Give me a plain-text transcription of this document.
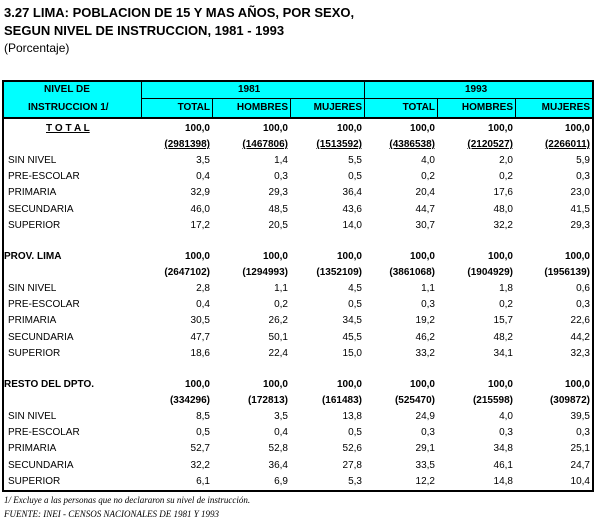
3.27 LIMA: POBLACION DE 15 Y MAS AÑOS, POR SEXO,
SEGUN NIVEL DE INSTRUCCION, 1981 - 1993
(Porcentaje)
NIVEL DE
INSTRUCCION 1/
1981	1993
TOTAL	HOMBRES	MUJERES	TOTAL	HOMBRES	MUJERES
T O T A L	100,0	100,0	100,0	100,0	100,0	100,0
(2981398)	(1467806)	(1513592)	(4386538)	(2120527)	(2266011)
SIN NIVEL	3,5	1,4	5,5	4,0	2,0	5,9
PRE-ESCOLAR	0,4	0,3	0,5	0,2	0,2	0,3
PRIMARIA	32,9	29,3	36,4	20,4	17,6	23,0
SECUNDARIA	46,0	48,5	43,6	44,7	48,0	41,5
SUPERIOR	17,2	20,5	14,0	30,7	32,2	29,3
PROV. LIMA	100,0	100,0	100,0	100,0	100,0	100,0
(2647102)	(1294993)	(1352109)	(3861068)	(1904929)	(1956139)
SIN NIVEL	2,8	1,1	4,5	1,1	1,8	0,6
PRE-ESCOLAR	0,4	0,2	0,5	0,3	0,2	0,3
PRIMARIA	30,5	26,2	34,5	19,2	15,7	22,6
SECUNDARIA	47,7	50,1	45,5	46,2	48,2	44,2
SUPERIOR	18,6	22,4	15,0	33,2	34,1	32,3
RESTO DEL DPTO.	100,0	100,0	100,0	100,0	100,0	100,0
(334296)	(172813)	(161483)	(525470)	(215598)	(309872)
SIN NIVEL	8,5	3,5	13,8	24,9	4,0	39,5
PRE-ESCOLAR	0,5	0,4	0,5	0,3	0,3	0,3
PRIMARIA	52,7	52,8	52,6	29,1	34,8	25,1
SECUNDARIA	32,2	36,4	27,8	33,5	46,1	24,7
SUPERIOR	6,1	6,9	5,3	12,2	14,8	10,4
1/ Excluye a las personas que no declararon su nivel de instrucción.
FUENTE: INEI - CENSOS NACIONALES DE 1981 Y 1993
